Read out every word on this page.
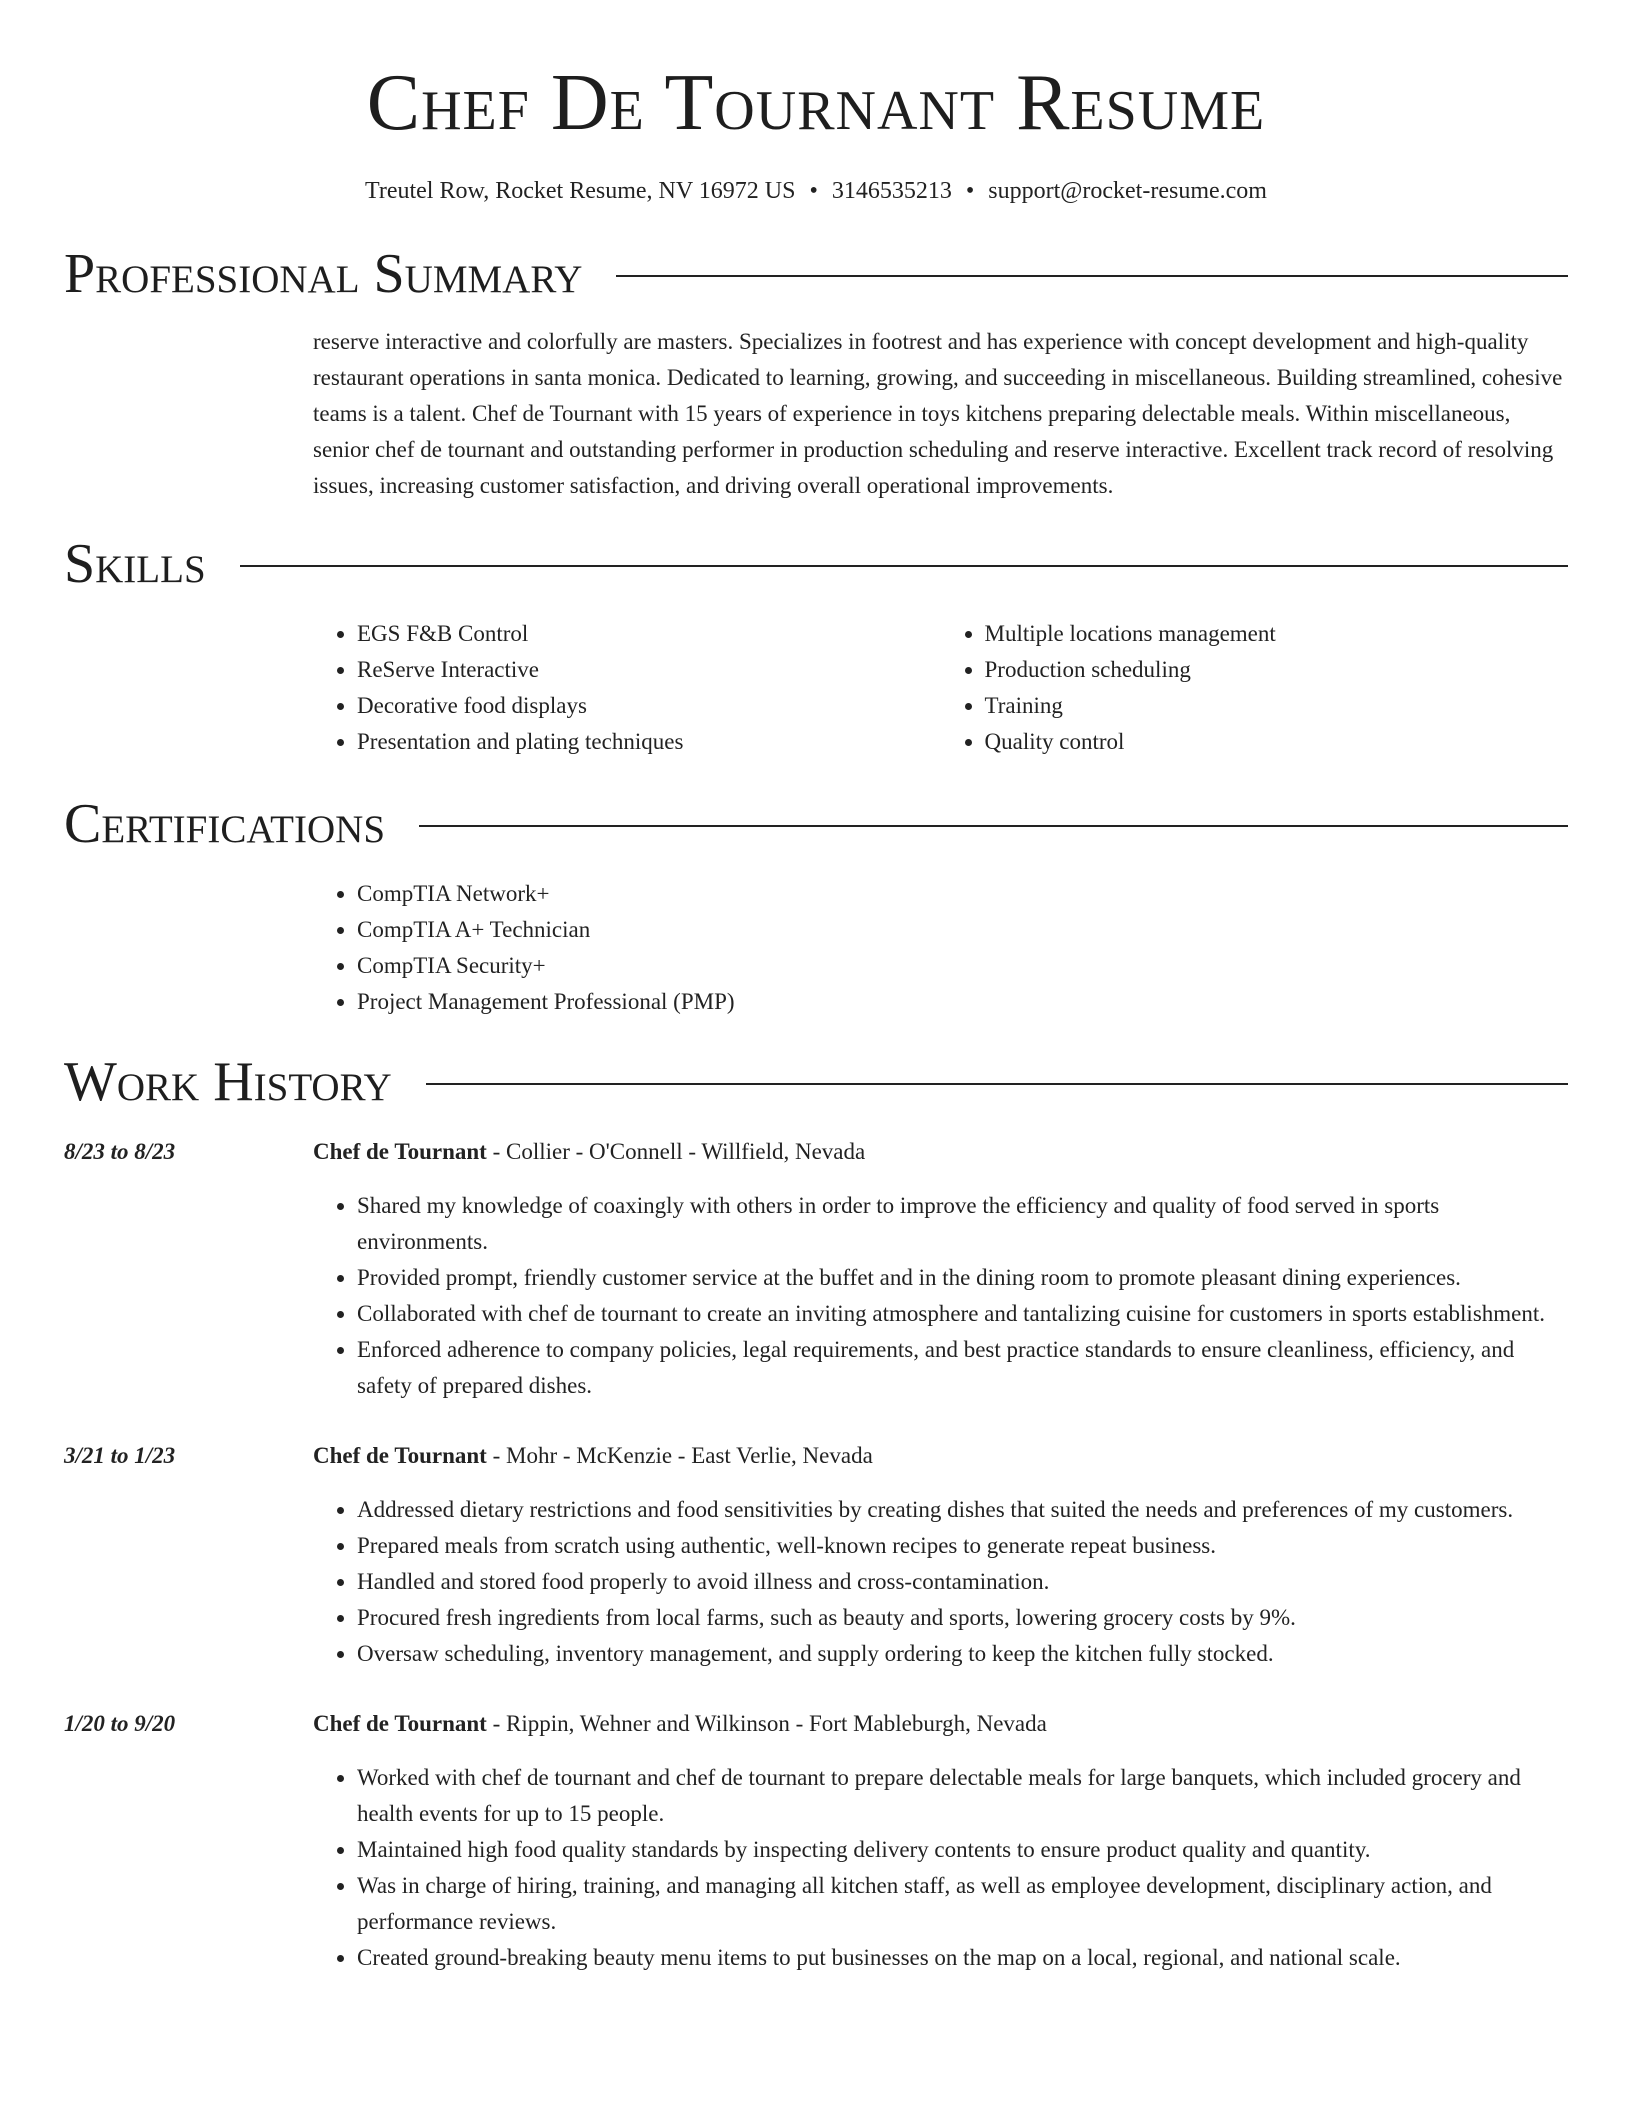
Chef De Tournant Resume
Treutel Row, Rocket Resume, NV 16972 US • 3146535213 • support@rocket-resume.com
Professional Summary

reserve interactive and colorfully are masters. Specializes in footrest and has experience with concept development and high-quality restaurant operations in santa monica. Dedicated to learning, growing, and succeeding in miscellaneous. Building streamlined, cohesive teams is a talent. Chef de Tournant with 15 years of experience in toys kitchens preparing delectable meals. Within miscellaneous, senior chef de tournant and outstanding performer in production scheduling and reserve interactive. Excellent track record of resolving issues, increasing customer satisfaction, and driving overall operational improvements.

Skills
• EGS F&B Control
• ReServe Interactive
• Decorative food displays
• Presentation and plating techniques
• Multiple locations management
• Production scheduling
• Training
• Quality control
Certifications
• CompTIA Network+
• CompTIA A+ Technician
• CompTIA Security+
• Project Management Professional (PMP)
Work History
8/23 to 8/23	Chef de Tournant - Collier - O'Connell - Willfield, Nevada
• Shared my knowledge of coaxingly with others in order to improve the efficiency and quality of food served in sports environments.
• Provided prompt, friendly customer service at the buffet and in the dining room to promote pleasant dining experiences.
• Collaborated with chef de tournant to create an inviting atmosphere and tantalizing cuisine for customers in sports establishment.
• Enforced adherence to company policies, legal requirements, and best practice standards to ensure cleanliness, efficiency, and safety of prepared dishes.
3/21 to 1/23	Chef de Tournant - Mohr - McKenzie - East Verlie, Nevada
• Addressed dietary restrictions and food sensitivities by creating dishes that suited the needs and preferences of my customers.
• Prepared meals from scratch using authentic, well-known recipes to generate repeat business.
• Handled and stored food properly to avoid illness and cross-contamination.
• Procured fresh ingredients from local farms, such as beauty and sports, lowering grocery costs by 9%.
• Oversaw scheduling, inventory management, and supply ordering to keep the kitchen fully stocked.
1/20 to 9/20	Chef de Tournant - Rippin, Wehner and Wilkinson - Fort Mableburgh, Nevada
• Worked with chef de tournant and chef de tournant to prepare delectable meals for large banquets, which included grocery and health events for up to 15 people.
• Maintained high food quality standards by inspecting delivery contents to ensure product quality and quantity.
• Was in charge of hiring, training, and managing all kitchen staff, as well as employee development, disciplinary action, and performance reviews.
• Created ground-breaking beauty menu items to put businesses on the map on a local, regional, and national scale.
